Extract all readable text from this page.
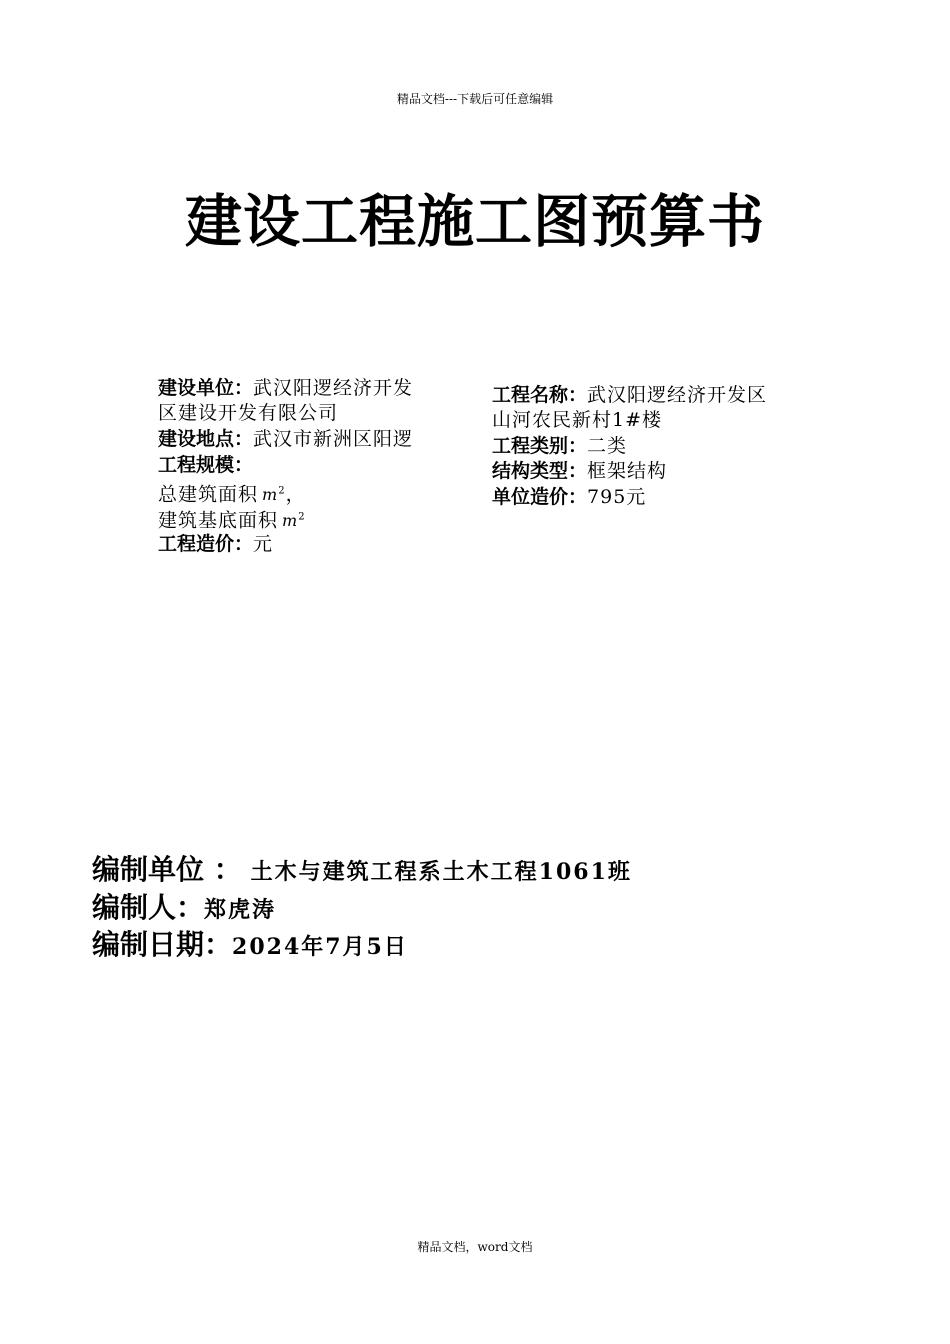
精品文档---下载后可任意编辑
建设工程施工图预算书
建设单位：武汉阳逻经济开发
区建设开发有限公司
建设地点：武汉市新洲区阳逻
工程规模：
总建筑面积 $m^2$，
建筑基底面积 $m^2$
工程造价：元
工程名称：武汉阳逻经济开发区
山河农民新村1#楼
工程类别：二类
结构类型：框架结构
单位造价：795元
编制单位 ： 土木与建筑工程系土木工程1061班
编制人：郑虎涛
编制日期：2024年7月5日
精品文档，word文档
